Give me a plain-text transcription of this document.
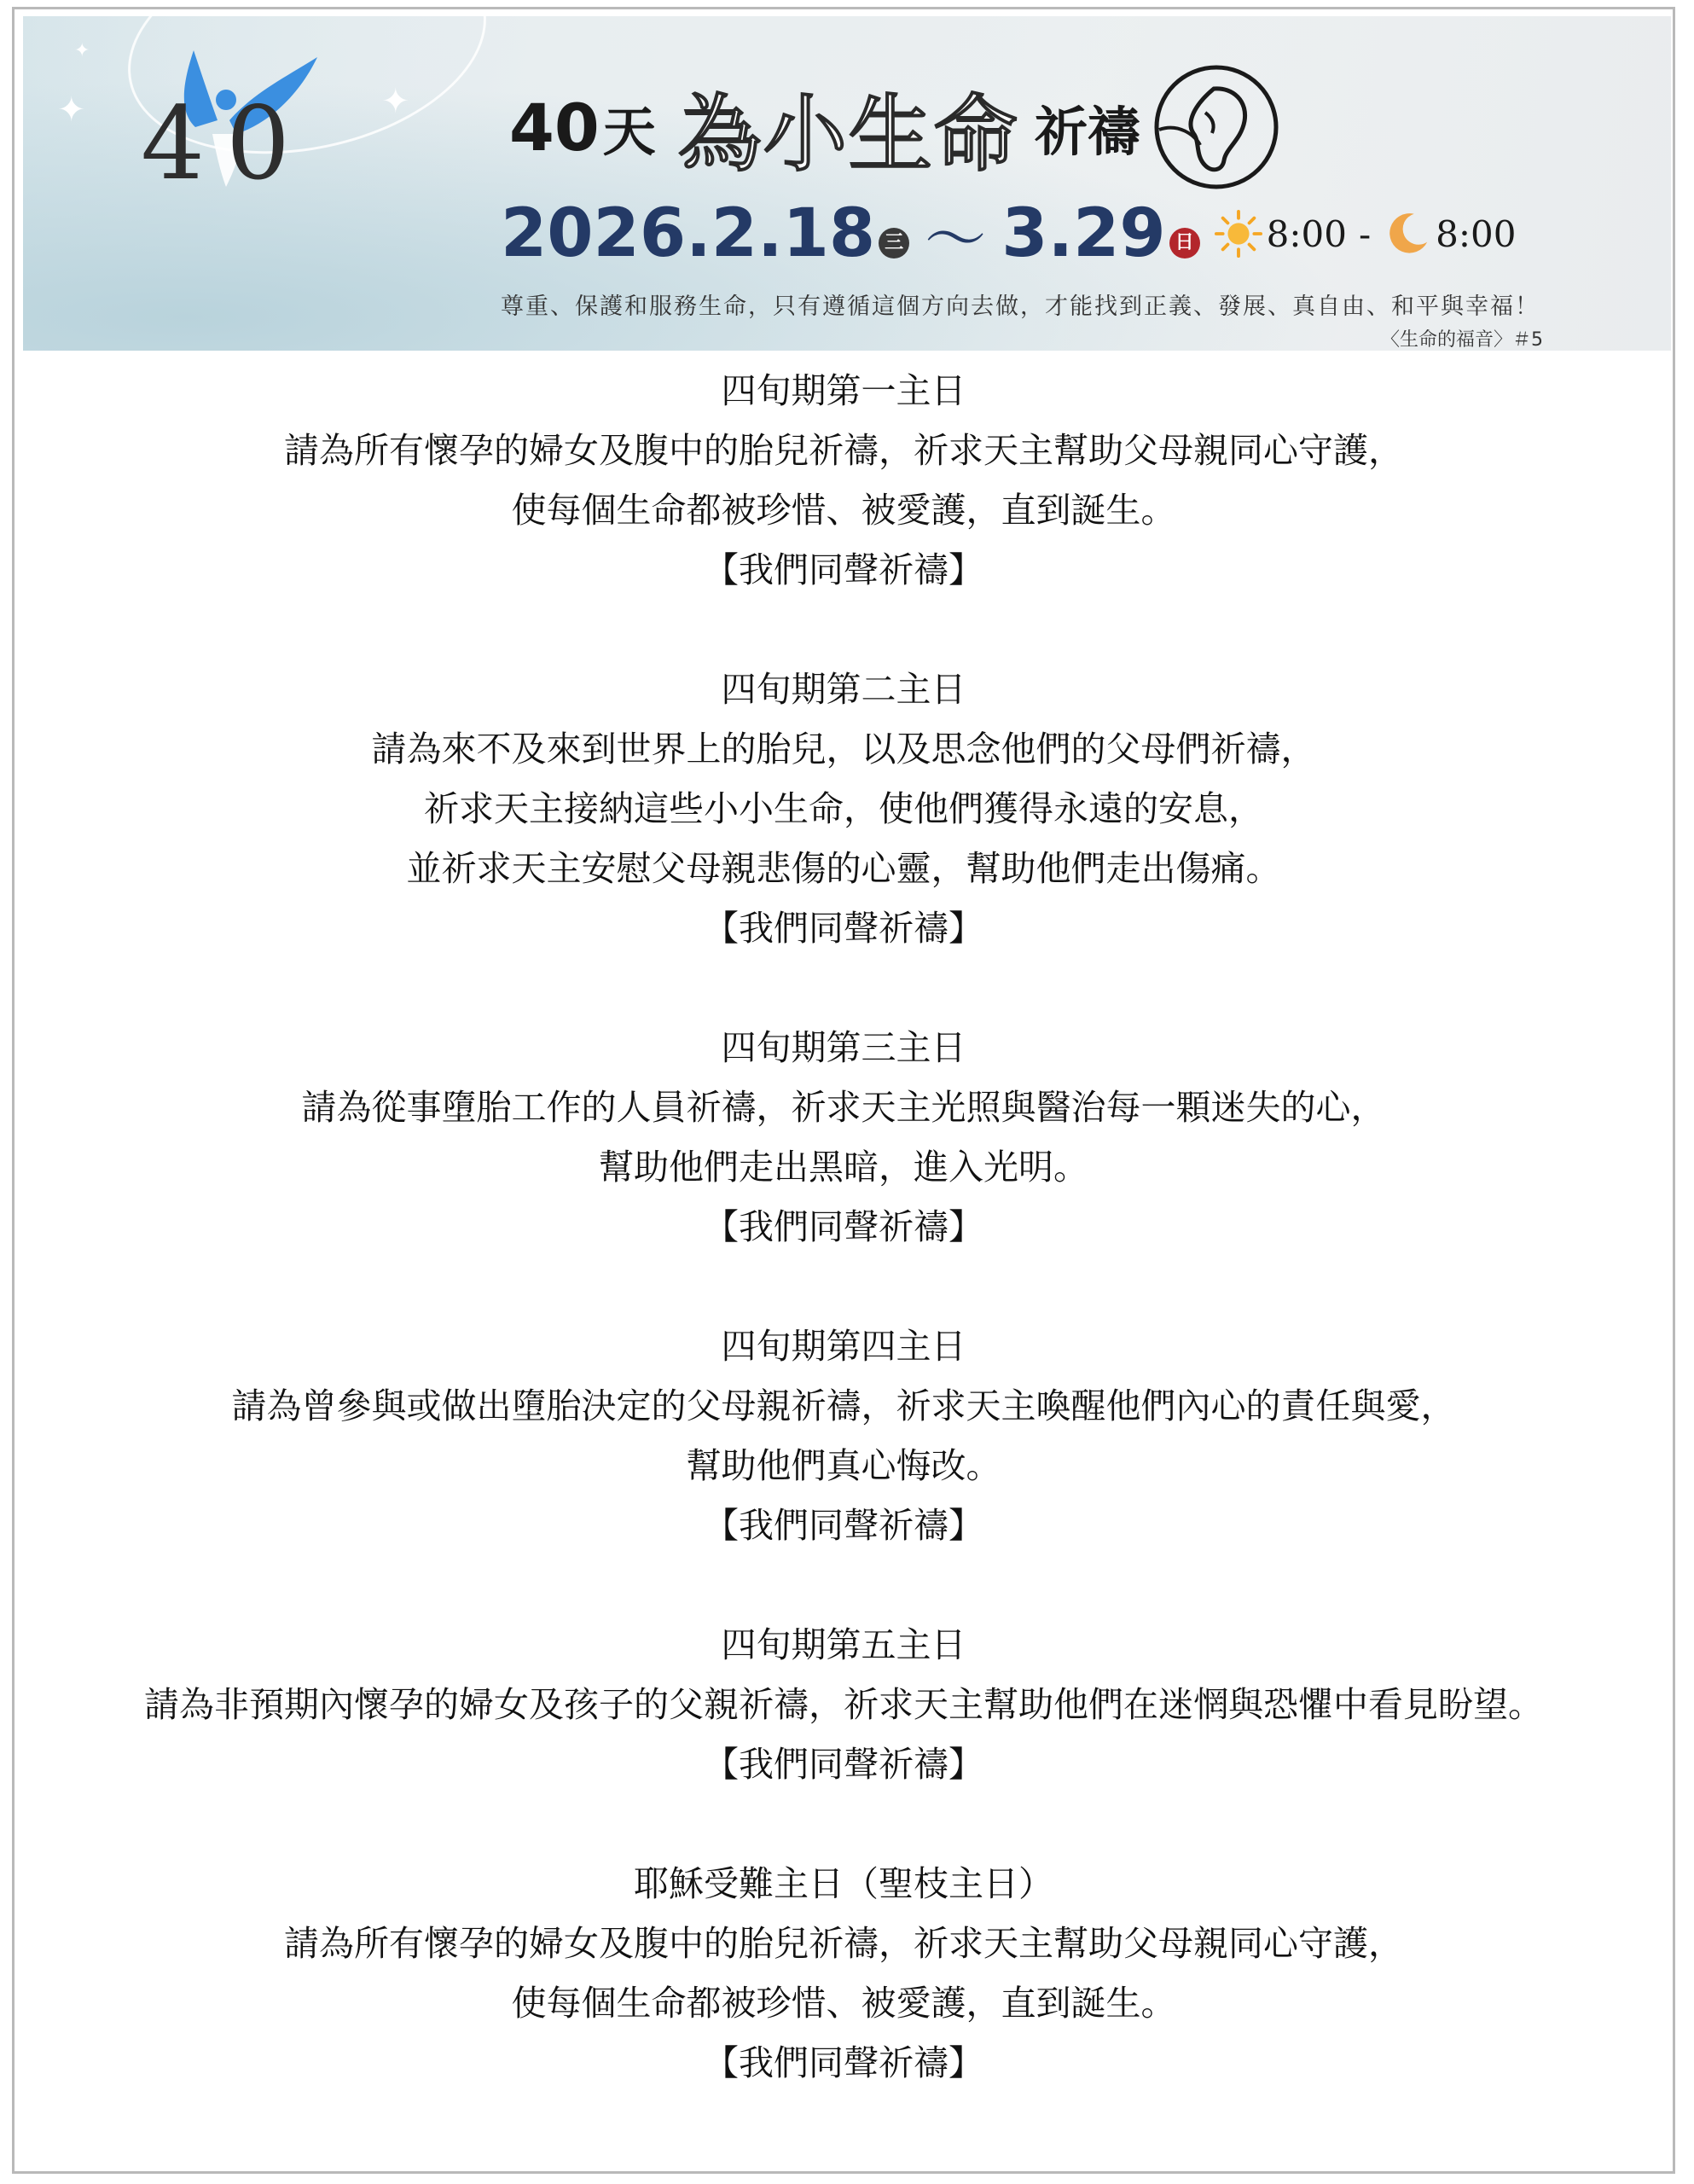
✦	✦
✦
4 0	40 天 為小生命 祈禱
2026.2.18 三 ～ 3.29 日 8:00 - 8:00
尊重、保護和服務生命，只有遵循這個方向去做，才能找到正義、發展、真自由、和平與幸福！
〈生命的福音〉＃5
四旬期第一主日
請為所有懷孕的婦女及腹中的胎兒祈禱，祈求天主幫助父母親同心守護，
使每個生命都被珍惜、被愛護，直到誕生。
【我們同聲祈禱】
四旬期第二主日
請為來不及來到世界上的胎兒，以及思念他們的父母們祈禱，
祈求天主接納這些小小生命，使他們獲得永遠的安息，
並祈求天主安慰父母親悲傷的心靈，幫助他們走出傷痛。
【我們同聲祈禱】
四旬期第三主日
請為從事墮胎工作的人員祈禱，祈求天主光照與醫治每一顆迷失的心，
幫助他們走出黑暗，進入光明。
【我們同聲祈禱】
四旬期第四主日
請為曾參與或做出墮胎決定的父母親祈禱，祈求天主喚醒他們內心的責任與愛，
幫助他們真心悔改。
【我們同聲祈禱】
四旬期第五主日
請為非預期內懷孕的婦女及孩子的父親祈禱，祈求天主幫助他們在迷惘與恐懼中看見盼望。
【我們同聲祈禱】
耶穌受難主日（聖枝主日）
請為所有懷孕的婦女及腹中的胎兒祈禱，祈求天主幫助父母親同心守護，
使每個生命都被珍惜、被愛護，直到誕生。
【我們同聲祈禱】
